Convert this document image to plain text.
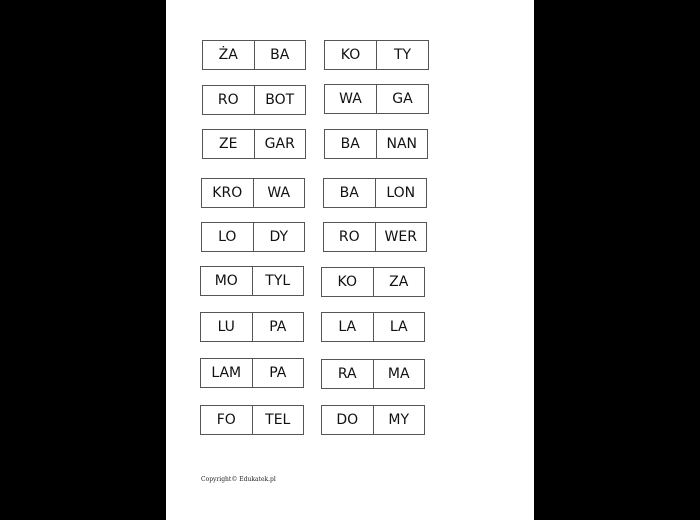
ŻA	BA	KO	TY
RO	BOT	WA	GA
ZE	GAR	BA	NAN
KRO	WA	BA	LON
LO	DY	RO	WER
MO	TYL	KO	ZA
LU	PA	LA	LA
LAM	PA	RA	MA
FO	TEL	DO	MY
Copyright© Edukatek.pl
